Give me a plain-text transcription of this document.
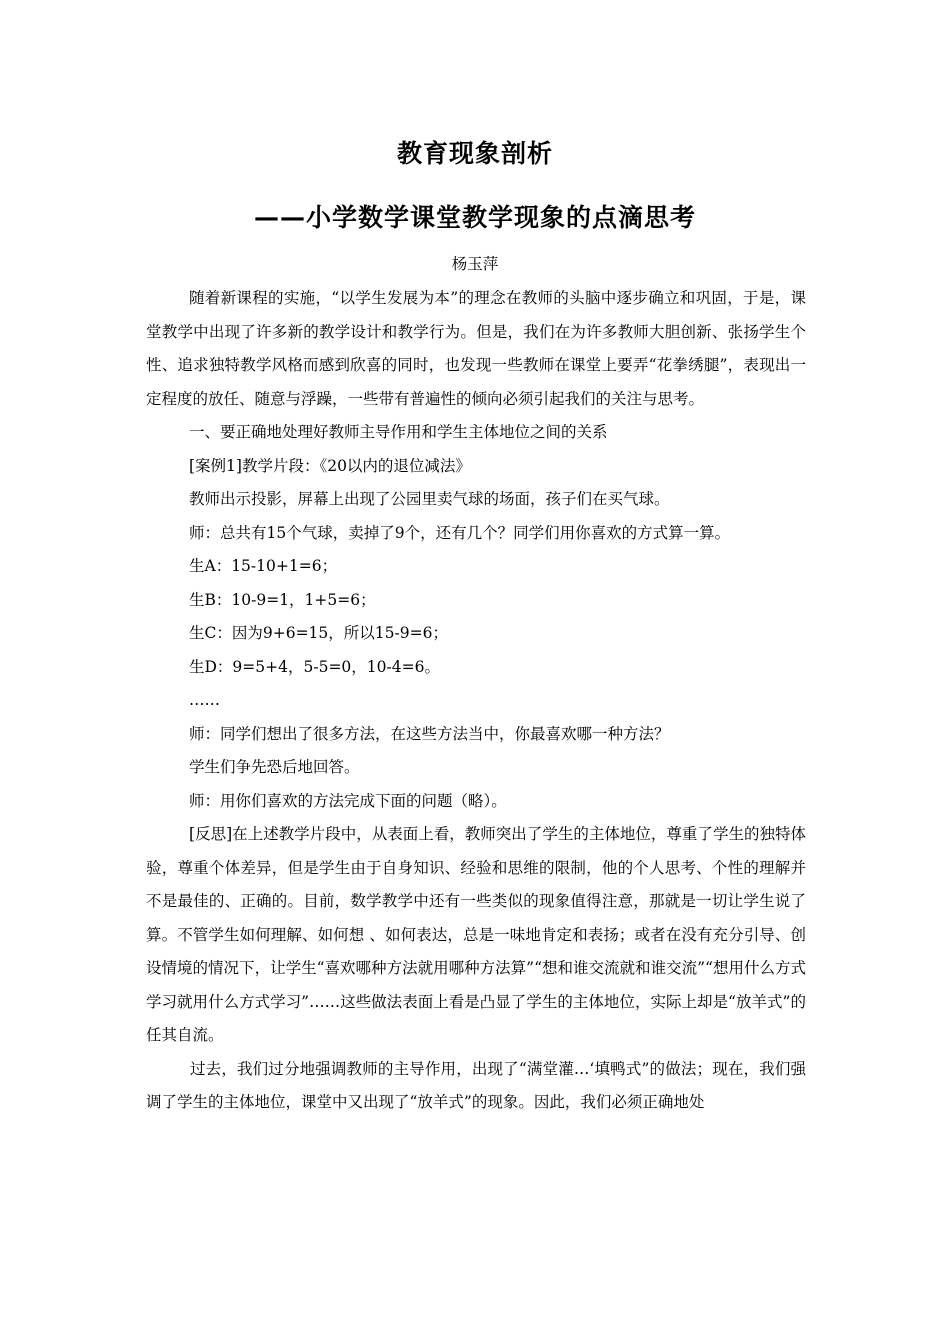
教育现象剖析
——小学数学课堂教学现象的点滴思考
杨玉萍

随着新课程的实施，“以学生发展为本”的理念在教师的头脑中逐步确立和巩固，于是，课堂教学中出现了许多新的教学设计和教学行为。但是，我们在为许多教师大胆创新、张扬学生个性、追求独特教学风格而感到欣喜的同时，也发现一些教师在课堂上要弄“花拳绣腿”，表现出一定程度的放任、随意与浮躁，一些带有普遍性的倾向必须引起我们的关注与思考。

一、要正确地处理好教师主导作用和学生主体地位之间的关系

[案例1]教学片段：《20以内的退位减法》

教师出示投影，屏幕上出现了公园里卖气球的场面，孩子们在买气球。

师：总共有15个气球，卖掉了9个，还有几个？同学们用你喜欢的方式算一算。

生A：15-10+1=6；

生B：10-9=1，1+5=6；

生C：因为9+6=15，所以15-9=6；

生D：9=5+4，5-5=0，10-4=6。

……

师：同学们想出了很多方法，在这些方法当中，你最喜欢哪一种方法？

学生们争先恐后地回答。

师：用你们喜欢的方法完成下面的问题（略）。

[反思]在上述教学片段中，从表面上看，教师突出了学生的主体地位，尊重了学生的独特体验，尊重个体差异，但是学生由于自身知识、经验和思维的限制，他的个人思考、个性的理解并不是最佳的、正确的。目前，数学教学中还有一些类似的现象值得注意，那就是一切让学生说了算。不管学生如何理解、如何想 、如何表达，总是一味地肯定和表扬；或者在没有充分引导、创设情境的情况下，让学生“喜欢哪种方法就用哪种方法算”“想和谁交流就和谁交流”“想用什么方式学习就用什么方式学习”……这些做法表面上看是凸显了学生的主体地位，实际上却是“放羊式”的任其自流。

过去，我们过分地强调教师的主导作用，出现了“满堂灌…‘填鸭式”的做法；现在，我们强调了学生的主体地位，课堂中又出现了“放羊式”的现象。因此，我们必须正确地处
